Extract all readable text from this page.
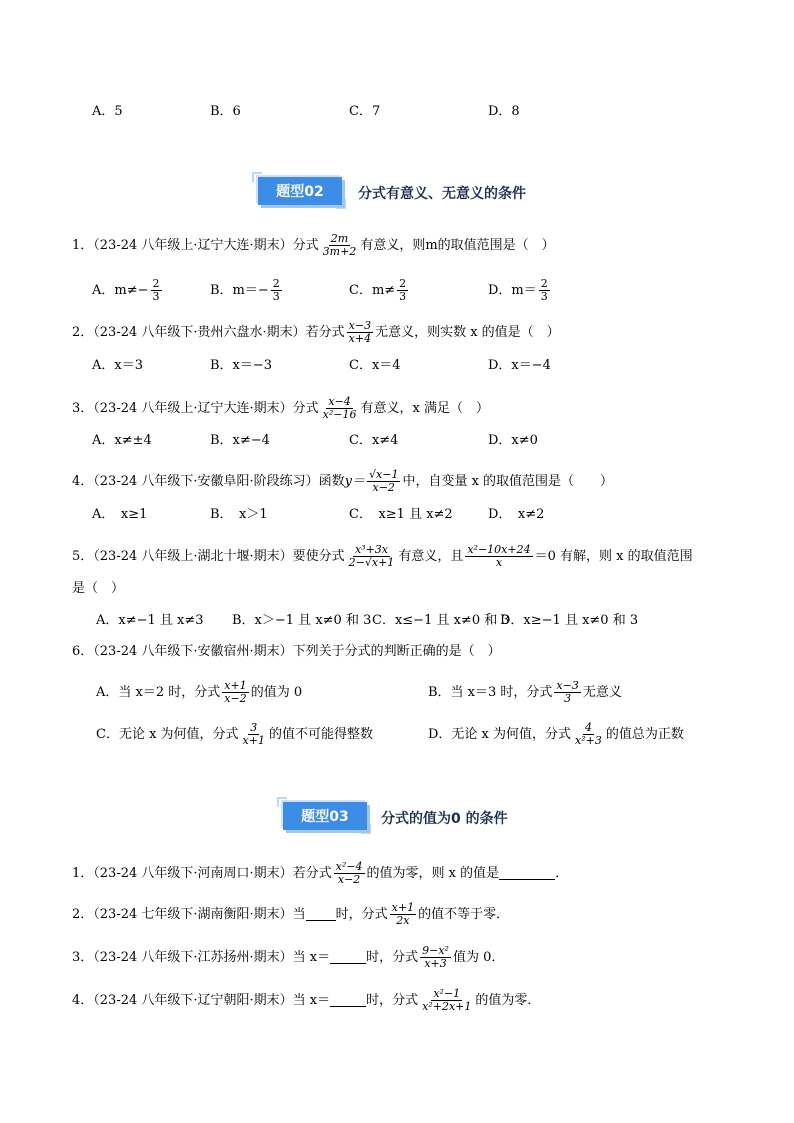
A．5	B．6	C．7	D．8
题型02	分式有意义、无意义的条件
1．（23-24 八年级上·辽宁大连·期末）分式 $\frac{2m}{3m+2}$ 有意义，则m的取值范围是（　）
A．$m\ne- \frac{2}{3}$	B．$m=- \frac{2}{3}$	C．$m\ne \frac{2}{3}$	D．$m= \frac{2}{3}$
2．（23-24 八年级下·贵州六盘水·期末）若分式 $\frac{x-3}{x+4}$ 无意义，则实数 x 的值是（　）
A．x＝3	B．x＝−3	C．x＝4	D．x＝−4
3．（23-24 八年级上·辽宁大连·期末）分式 $\frac{x-4}{\text{x²−16}}$ 有意义，x 满足（　）
A．x≠±4	B．x≠−4	C．x≠4	D．x≠0
4．（23-24 八年级下·安徽阜阳·阶段练习）函数 $y= \frac{√x-1}{x-2}$ 中，自变量 x 的取值范围是（　　）
A．　x≥1	B．　x＞1	C．　x≥1 且 x≠2	D．　x≠2
5．（23-24 八年级上·湖北十堰·期末）要使分式 $\frac{\text{x³+3x}}{2-√x+1}$ 有意义，且 $\frac{\text{x²−10x+24}}{x} =0$ 有解，则 x 的取值范围
是（　）
A．x≠−1 且 x≠3 B．x＞−1 且 x≠0 和 3 C．x≤−1 且 x≠0 和 3
D．x≥−1 且 x≠0 和 3
6．（23-24 八年级下·安徽宿州·期末）下列关于分式的判断正确的是（　）
A．当 x＝2 时，分式 $\frac{x+1}{x-2}$ 的值为 0	B．当 x＝3 时，分式 $\frac{x-3}{3}$ 无意义
C．无论 x 为何值，分式 $\frac{3}{x+1}$ 的值不可能得整数	D．无论 x 为何值，分式 $\frac{4}{\text{x²+3}}$ 的值总为正数
题型03	分式的值为0 的条件
1．（23-24 八年级下·河南周口·期末）若分式 $\frac{\text{x²−4}}{x-2}$ 的值为零，则 x 的值是	．
2．（23-24 七年级下·湖南衡阳·期末）当 时，分式 $\frac{x+1}{2x}$ 的值不等于零．
3．（23-24 八年级下·江苏扬州·期末）当 x＝	时，分式 $\frac{\text{9−x²}}{x+3}$ 值为 0．
4．（23-24 八年级下·辽宁朝阳·期末）当 x＝	时，分式 $\frac{\text{x²−1}}{\text{x²+2x+1}}$ 的值为零．
